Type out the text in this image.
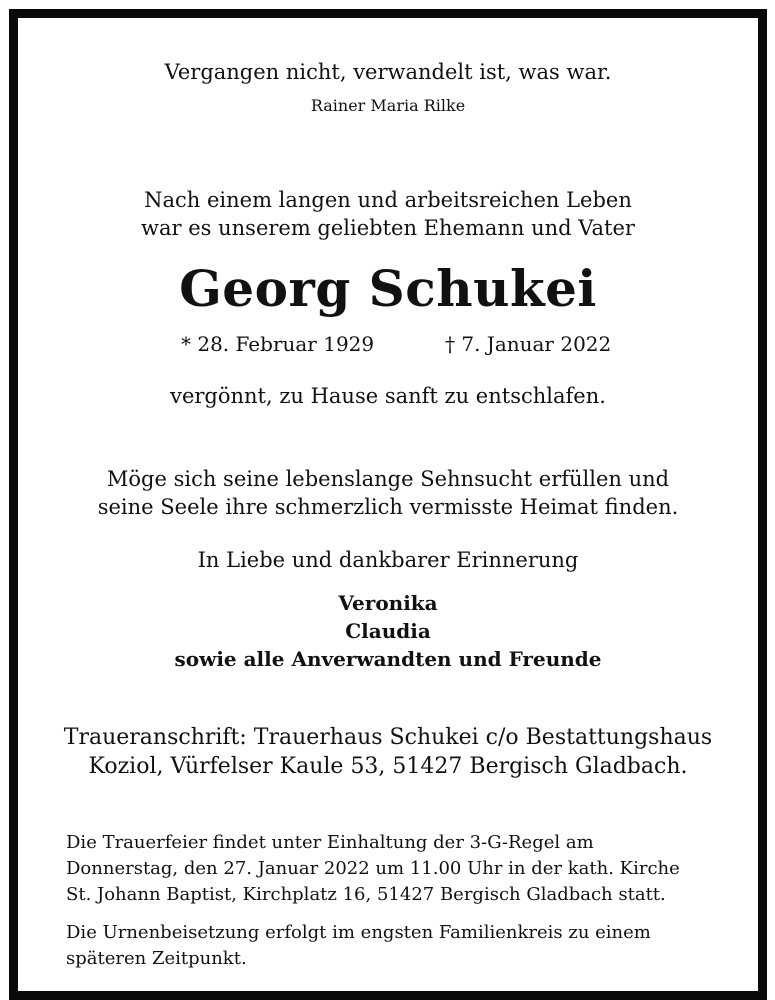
Vergangen nicht, verwandelt ist, was war.
Rainer Maria Rilke
Nach einem langen und arbeitsreichen Leben
war es unserem geliebten Ehemann und Vater
Georg Schukei
* 28. Februar 1929	† 7. Januar 2022
vergönnt, zu Hause sanft zu entschlafen.
Möge sich seine lebenslange Sehnsucht erfüllen und
seine Seele ihre schmerzlich vermisste Heimat finden.
In Liebe und dankbarer Erinnerung
Veronika
Claudia
sowie alle Anverwandten und Freunde
Traueranschrift: Trauerhaus Schukei c/o Bestattungshaus
Koziol, Vürfelser Kaule 53, 51427 Bergisch Gladbach.
Die Trauerfeier findet unter Einhaltung der 3-G-Regel am
Donnerstag, den 27. Januar 2022 um 11.00 Uhr in der kath. Kirche
St. Johann Baptist, Kirchplatz 16, 51427 Bergisch Gladbach statt.
Die Urnenbeisetzung erfolgt im engsten Familienkreis zu einem
späteren Zeitpunkt.
